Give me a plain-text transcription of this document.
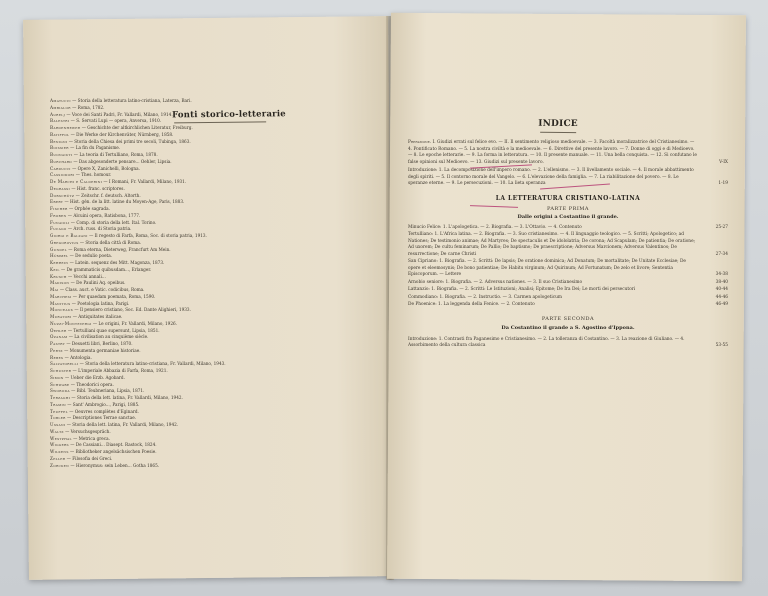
Fonti storico-letterarie
Amatucci — Storia della letteratura latino-cristiana, Laterza, Bari.
Ambialor — Roma, 1782.
Aurelj — Voce dei Santi Padri, Fr. Vallardi, Milano, 1914.
Balestri — S. Servati Lupi — opera, Anversa, 1910.
Bardenhewer — Geschichte der altkirchlichen Literatur, Freiburg.
Batiffol — Die Werke der Kirchenväter, Nürnberg, 1858.
Benigni — Storia della Chiesa dei primi tre secoli, Tubinga, 1863.
Boissier — La fin du Paganisme.
Buonaiuti — La teoria di Tertulliano, Roma, 1878.
Burchard — Das abgesonderte pensare... Oehler, Lipsia.
Carducci — Opere X, Zanichelli, Bologna.
Cassiodori — Thes. homour.
De Marchi e Calderini — I Romani, Fr. Vallardi, Milano, 1931.
Degrassi — Hist. franc. scriptores.
Dobschütz — Zeitschr. f. deutsch. Altorth.
Ebert — Hist. gén. de la litt. latine du Moyen-Age, Paris, 1883.
Fischer — Orphée sagrada.
Froben — Alcuini opera, Ratisbona, 1777.
Funaioli — Comp. di storia della lett. Ital. Torino.
Fucago — Arch. russ. di Storia patria.
Giorgi e Balzani — Il regesto di Farfa, Roma, Soc. di storia patria, 1913.
Gregorovius — Storia della città di Roma.
Gundel — Roma eterna, Dieterweg, Francfurt Am Mein.
Hümmel — De sedulio poeta.
Kehrein — Latein. sequenz des Mitt. Magonza, 1873.
Keil — De grammaticis quibusdam..., Erlanger.
Krusch — Vecchi annali...
Madison — De Paulini Aq. opeibus.
Mai — Class. auct. e Vatic. codicibus, Roma.
Marchesi — Per quaedam poemata, Roma, 1590.
Manitius — Poetologia latina, Parigi.
Monceaux — Il pensiero cristiano, Soc. Ed. Dante Alighieri, 1933.
Muratori — Antiquitates italicae.
Nuzzi-Montevergi — Le origini, Fr. Vallardi, Milano, 1926.
Oehler — Tertulliani quae supersunt, Lipsia, 1851.
Ozanam — La civilisation au cinquième siècle.
Pastry — Desuetti libri, Berlino, 1870.
Pertz — Monumenta germaniae historiae.
Rebes — Antologia.
Salvatorelli — Storia della letteratura latino-cristiana, Fr. Vallardi, Milano, 1943.
Schuster — L'imperiale Abbazia di Farfa, Roma, 1921.
Simon — Ueber die Erzb. Agobard.
Schwabe — Theodorici opera.
Swoboda — Bibl. Teubneriana, Lipsia, 1871.
Terzaghi — Storia della lett. latina, Fr. Vallardi, Milano, 1942.
Tramin — Sant' Ambrogio..., Parigi, 1885.
Teuffel — Oeuvres complètes d'Eginard.
Tobler — Descriptiones Terrae sanctae.
Ussani — Storia della lett. latina, Fr. Vallardi, Milano, 1942.
Waltz — Versuchsgespräch.
Westphal — Metrica greca.
Wiggers — De Cassiani... Diasept. Rastock, 1824.
Wilkens — Bibliotheker angelsächsischen Poesie.
Zeller — Filosofia dei Greci.
Zorcken — Hieronymus: sein Leben... Gotha 1865.
INDICE
Prefazione. I. Giudizi errati sul felice evo. — II. Il sentimento religioso medioevale. — 3. Facoltà moralizzatrice del Cristianesimo. — 4. Pontificato Romano. — 5. La nostra civiltà e la medioevale. — 6. Direttive del presente lavoro. — 7. Donne di oggi e di Medioevo. — 8. Le epoche letterarie. — 9. La forma in letteratura. — 10. Il presente manuale. — 11. Una bella conquista. — 12. Si confutano le false opinioni sul Medioevo. — 13. Giudizi sul presente lavoro.	V-IX
Introduzione: 1. La decomposizione dell'impero romano. — 2. L'ellenismo. — 3. Il livellamento sociale. — 4. Il morale abbattimento degli spiriti. — 5. Il contorno morale del Vangelo. — 6. L'elevazione della famiglia. — 7. La riabilitazione del povero. — 8. Le speranze eterne. — 9. Le persecuzioni. — 10. La lieta speranza	1-19
LA LETTERATURA CRISTIANO-LATINA
PARTE PRIMA
Dalle origini a Costantino il grande.
Minucio Felice: 1. L'apologetica. — 2. Biografia. — 3. L'Ottavio. — 4. Contenuto	25-27
Tertulliano: 1. L'Africa latina. — 2. Biografia. — 3. Suo cristianesimo. — 4. Il linguaggio teologico. — 5. Scritti; Apologetico; ad Nationes; De testimonio animae; Ad Martyres; De spectaculis et De idololatria; De corona; Ad Scapulam; De patientia; De oratione; Ad uxorem; De cultu feminarum; De Pallio; De baptismo; De praescriptione; Adversus Marcionem; Adversus Valentinos; De resurrectione; De carne Christi	27-34
San Cipriano: 1. Biografia. — 2. Scritti: De lapsis; De oratione dominica; Ad Donatum; De mortalitate; De Unitate Ecclesiae; De opere et eleemosynis; De bono patientiae; De Habitu virginum; Ad Quirinum; Ad Fortunatum; De zelo et livore; Sententia Episcoporum. — Lettere	34-38
Arnobio seniore: 1. Biografia. — 2. Adversus nationes. — 3. Il suo Cristianesimo	38-40
Lattanzio: 1. Biografia. — 2. Scritti: Le Istituzioni; Analisi; Epitome; De Ira Dei; Le morti dei persecutori	40-44
Commodiano: 1. Biografia. — 2. Instructio. — 3. Carmen apologeticum	44-46
De Phoenice: 1. La leggenda della Fenice. — 2. Contenuto	46-49
PARTE SECONDA
Da Costantino il grande a S. Agostino d'Ippona.
Introduzione: 1. Contrasti fra Paganesimo e Cristianesimo. — 2. La tolleranza di Costantino. — 3. La reazione di Giuliano. — 4. Assorbimento della cultura classica	53-55
